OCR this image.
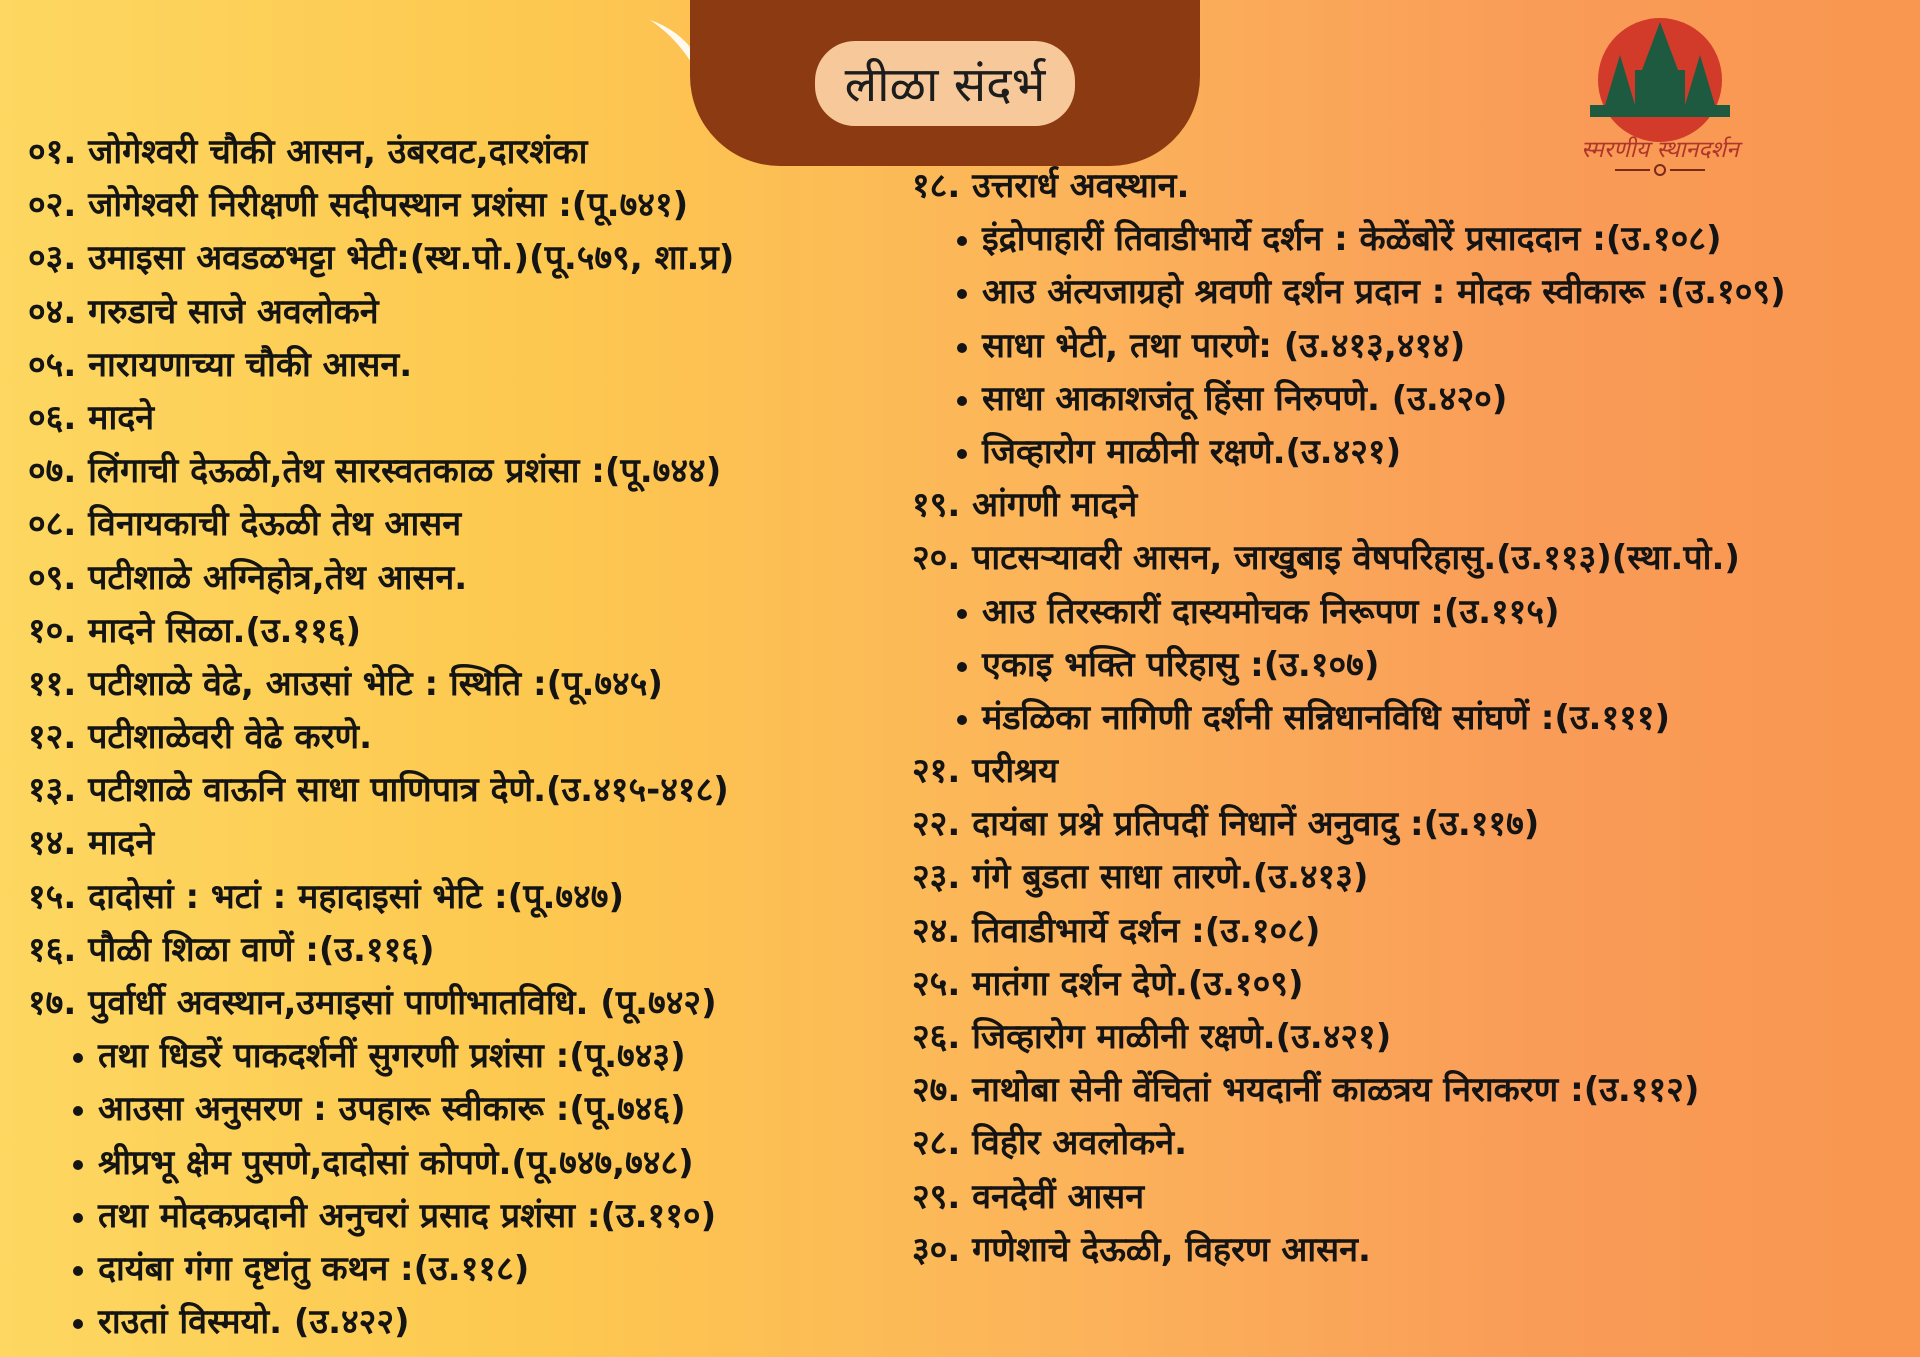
लीळा संदर्भ
स्मरणीय स्थानदर्शन
०१. जोगेश्वरी चौकी आसन, उंबरवट,दारशंका
०२. जोगेश्वरी निरीक्षणी सदीपस्थान प्रशंसा :(पू.७४१)
०३. उमाइसा अवडळभट्टा भेटी:(स्थ.पो.)(पू.५७९, शा.प्र)
०४. गरुडाचे साजे अवलोकने
०५. नारायणाच्या चौकी आसन.
०६. मादने
०७. लिंगाची देऊळी,तेथ सारस्वतकाळ प्रशंसा :(पू.७४४)
०८. विनायकाची देऊळी तेथ आसन
०९. पटीशाळे अग्निहोत्र,तेथ आसन.
१०. मादने सिळा.(उ.११६)
११. पटीशाळे वेढे, आउसां भेटि : स्थिति :(पू.७४५)
१२. पटीशाळेवरी वेढे करणे.
१३. पटीशाळे वाऊनि साधा पाणिपात्र देणे.(उ.४१५-४१८)
१४. मादने
१५. दादोसां : भटां : महादाइसां भेटि :(पू.७४७)
१६. पौळी शिळा वाणें :(उ.११६)
१७. पुर्वार्धी अवस्थान,उमाइसां पाणीभातविधि. (पू.७४२)
तथा धिडरें पाकदर्शनीं सुगरणी प्रशंसा :(पू.७४३)
आउसा अनुसरण : उपहारू स्वीकारू :(पू.७४६)
श्रीप्रभू क्षेम पुसणे,दादोसां कोपणे.(पू.७४७,७४८)
तथा मोदकप्रदानी अनुचरां प्रसाद प्रशंसा :(उ.११०)
दायंबा गंगा दृष्टांतु कथन :(उ.११८)
राउतां विस्मयो. (उ.४२२)
१८. उत्तरार्ध अवस्थान.
इंद्रोपाहारीं तिवाडीभार्ये दर्शन : केळेंबोरें प्रसाददान :(उ.१०८)
आउ अंत्यजाग्रहो श्रवणी दर्शन प्रदान : मोदक स्वीकारू :(उ.१०९)
साधा भेटी, तथा पारणे: (उ.४१३,४१४)
साधा आकाशजंतू हिंसा निरुपणे. (उ.४२०)
जिव्हारोग माळीनी रक्षणे.(उ.४२१)
१९. आंगणी मादने
२०. पाटसऱ्यावरी आसन, जाखुबाइ वेषपरिहासु.(उ.११३)(स्था.पो.)
आउ तिरस्कारीं दास्यमोचक निरूपण :(उ.११५)
एकाइ भक्ति परिहासु :(उ.१०७)
मंडळिका नागिणी दर्शनी सन्निधानविधि सांघणें :(उ.१११)
२१. परीश्रय
२२. दायंबा प्रश्ने प्रतिपदीं निधानें अनुवादु :(उ.११७)
२३. गंगे बुडता साधा तारणे.(उ.४१३)
२४. तिवाडीभार्ये दर्शन :(उ.१०८)
२५. मातंगा दर्शन देणे.(उ.१०९)
२६. जिव्हारोग माळीनी रक्षणे.(उ.४२१)
२७. नाथोबा सेनी वेंचितां भयदानीं काळत्रय निराकरण :(उ.११२)
२८. विहीर अवलोकने.
२९. वनदेवीं आसन
३०. गणेशाचे देऊळी, विहरण आसन.
